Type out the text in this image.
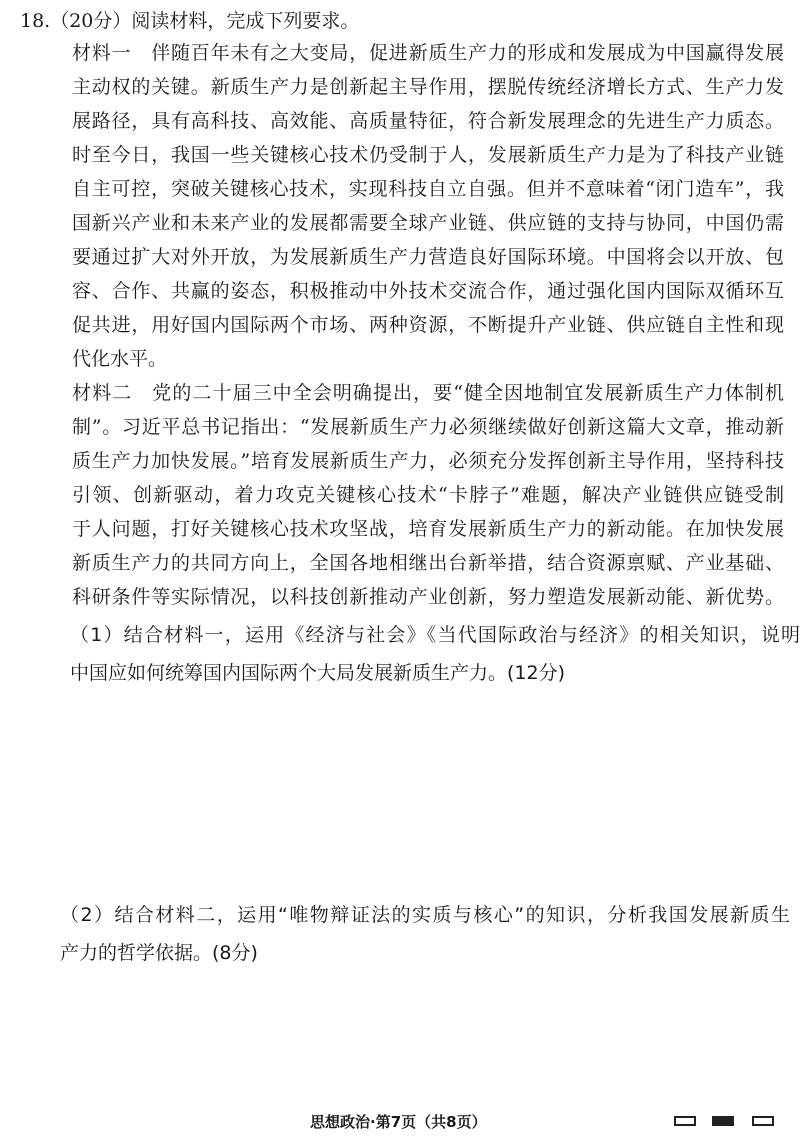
18.（20分）阅读材料，完成下列要求。
材料一　伴随百年未有之大变局，促进新质生产力的形成和发展成为中国赢得发展
主动权的关键。新质生产力是创新起主导作用，摆脱传统经济增长方式、生产力发
展路径，具有高科技、高效能、高质量特征，符合新发展理念的先进生产力质态。
时至今日，我国一些关键核心技术仍受制于人，发展新质生产力是为了科技产业链
自主可控，突破关键核心技术，实现科技自立自强。但并不意味着“闭门造车”，我
国新兴产业和未来产业的发展都需要全球产业链、供应链的支持与协同，中国仍需
要通过扩大对外开放，为发展新质生产力营造良好国际环境。中国将会以开放、包
容、合作、共赢的姿态，积极推动中外技术交流合作，通过强化国内国际双循环互
促共进，用好国内国际两个市场、两种资源，不断提升产业链、供应链自主性和现
代化水平。
材料二　党的二十届三中全会明确提出，要“健全因地制宜发展新质生产力体制机
制”。习近平总书记指出：“发展新质生产力必须继续做好创新这篇大文章，推动新
质生产力加快发展。”培育发展新质生产力，必须充分发挥创新主导作用，坚持科技
引领、创新驱动，着力攻克关键核心技术“卡脖子”难题，解决产业链供应链受制
于人问题，打好关键核心技术攻坚战，培育发展新质生产力的新动能。在加快发展
新质生产力的共同方向上，全国各地相继出台新举措，结合资源禀赋、产业基础、
科研条件等实际情况，以科技创新推动产业创新，努力塑造发展新动能、新优势。
（1）结合材料一，运用《经济与社会》《当代国际政治与经济》的相关知识，说明
中国应如何统筹国内国际两个大局发展新质生产力。(12分)
（2）结合材料二，运用“唯物辩证法的实质与核心”的知识，分析我国发展新质生
产力的哲学依据。(8分)
思想政治·第7页（共8页）
